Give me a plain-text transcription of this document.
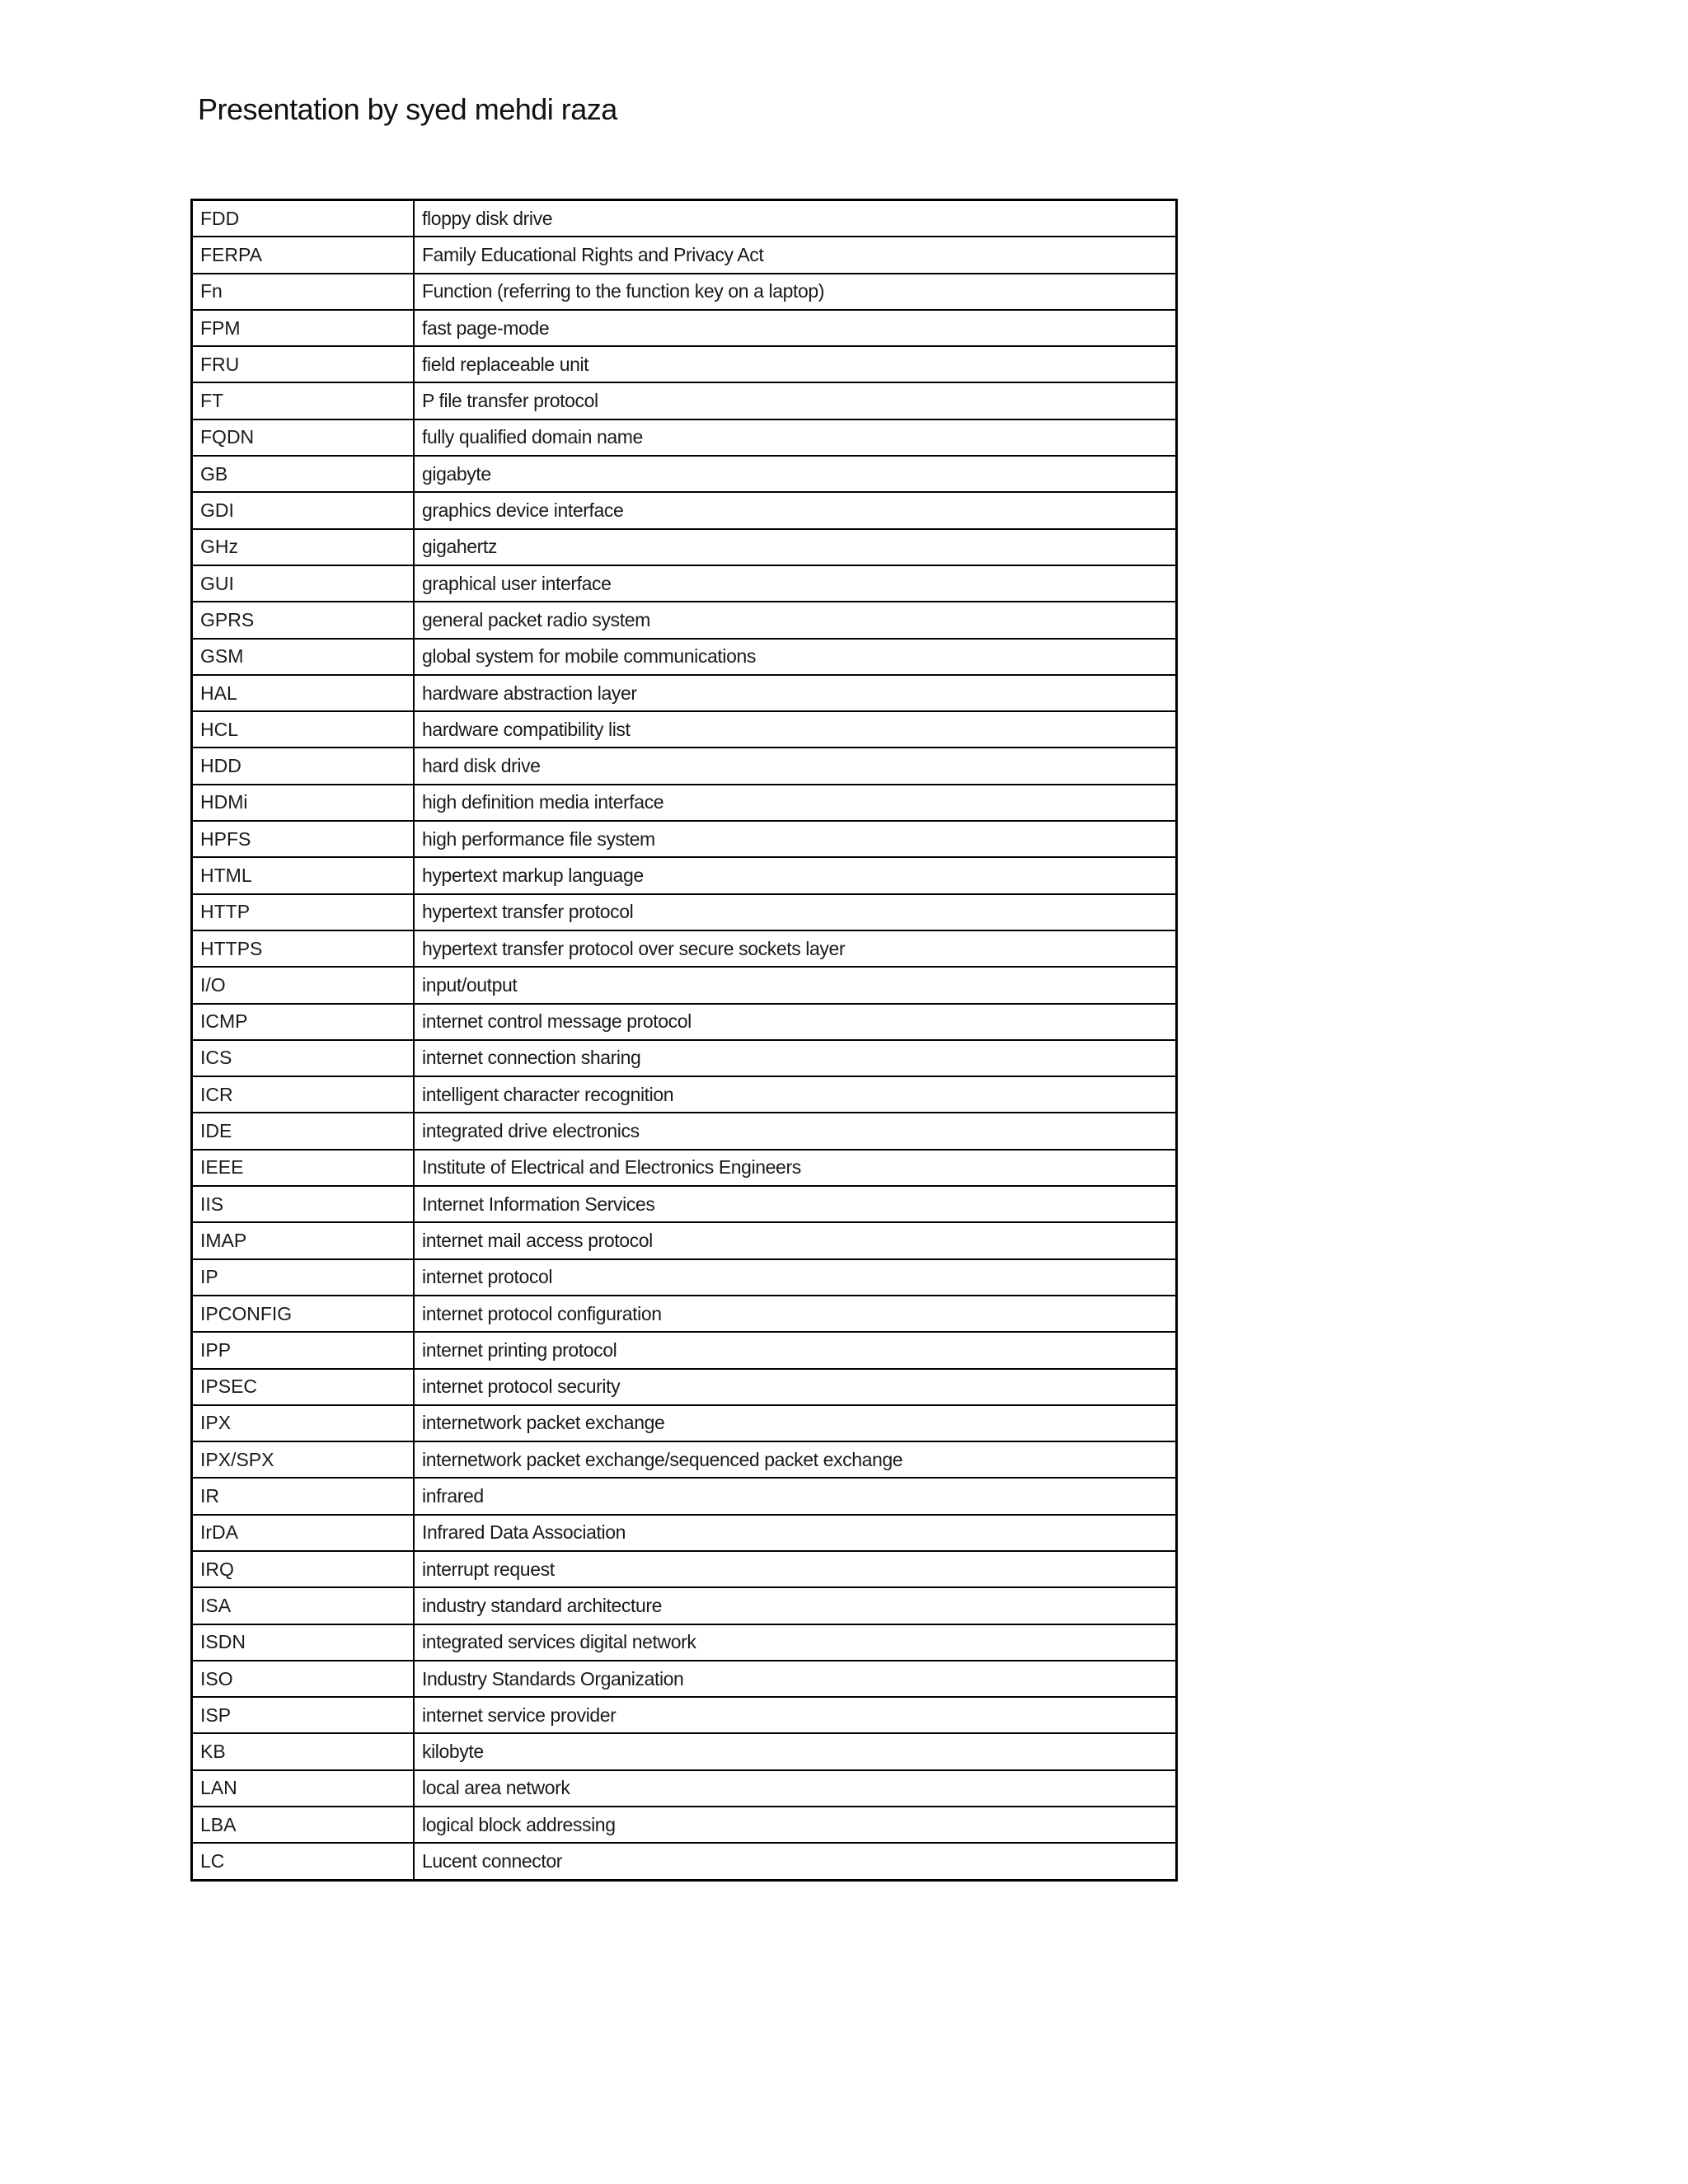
Presentation by syed mehdi raza
FDD	floppy disk drive
FERPA	Family Educational Rights and Privacy Act
Fn	Function (referring to the function key on a laptop)
FPM	fast page-mode
FRU	field replaceable unit
FT	P file transfer protocol
FQDN	fully qualified domain name
GB	gigabyte
GDI	graphics device interface
GHz	gigahertz
GUI	graphical user interface
GPRS	general packet radio system
GSM	global system for mobile communications
HAL	hardware abstraction layer
HCL	hardware compatibility list
HDD	hard disk drive
HDMi	high definition media interface
HPFS	high performance file system
HTML	hypertext markup language
HTTP	hypertext transfer protocol
HTTPS	hypertext transfer protocol over secure sockets layer
I/O	input/output
ICMP	internet control message protocol
ICS	internet connection sharing
ICR	intelligent character recognition
IDE	integrated drive electronics
IEEE	Institute of Electrical and Electronics Engineers
IIS	Internet Information Services
IMAP	internet mail access protocol
IP	internet protocol
IPCONFIG	internet protocol configuration
IPP	internet printing protocol
IPSEC	internet protocol security
IPX	internetwork packet exchange
IPX/SPX	internetwork packet exchange/sequenced packet exchange
IR	infrared
IrDA	Infrared Data Association
IRQ	interrupt request
ISA	industry standard architecture
ISDN	integrated services digital network
ISO	Industry Standards Organization
ISP	internet service provider
KB	kilobyte
LAN	local area network
LBA	logical block addressing
LC	Lucent connector
